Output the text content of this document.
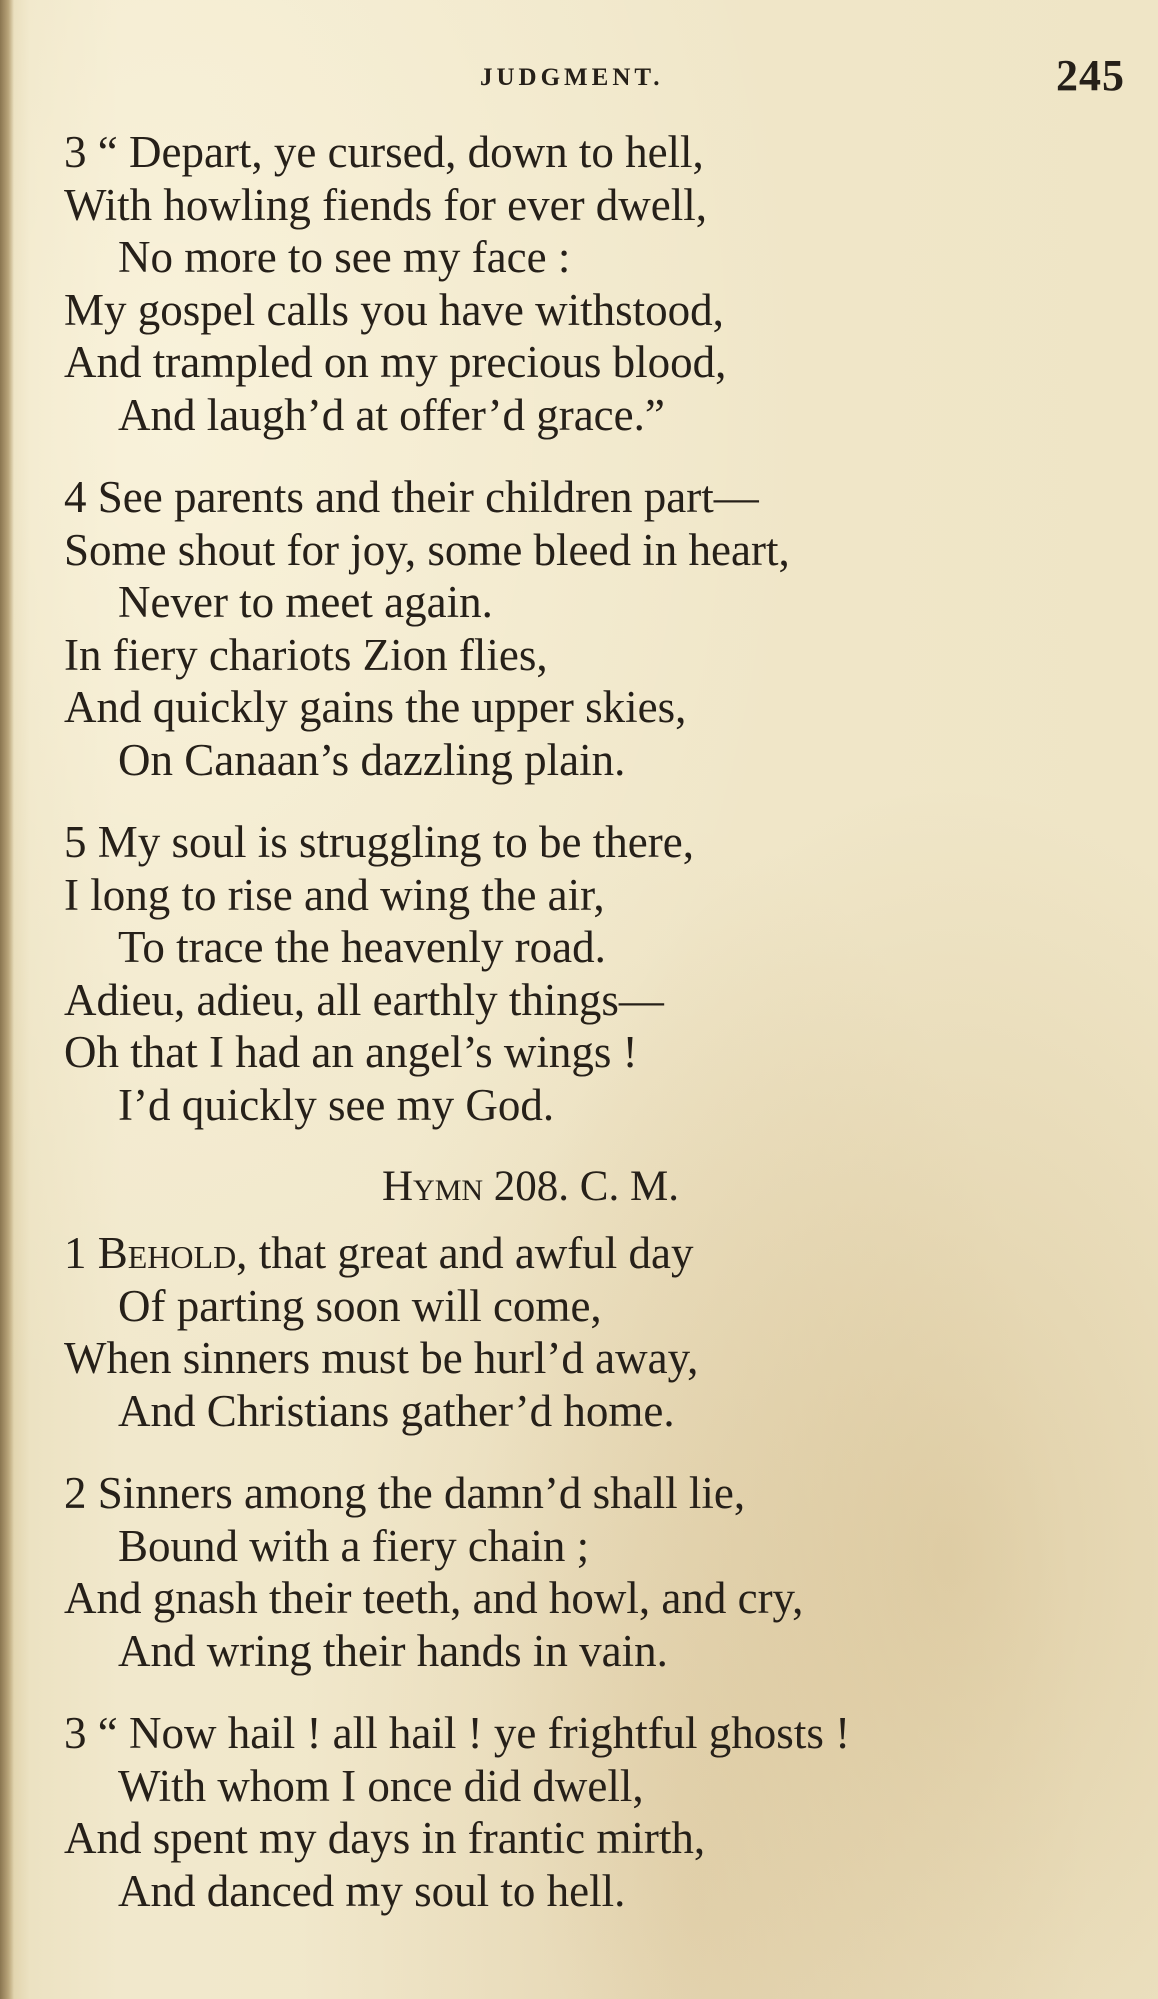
JUDGMENT.	245
3 “ Depart, ye cursed, down to hell,
With howling fiends for ever dwell,
No more to see my face :
My gospel calls you have withstood,
And trampled on my precious blood,
And laugh’d at offer’d grace.”
4 See parents and their children part—
Some shout for joy, some bleed in heart,
Never to meet again.
In fiery chariots Zion flies,
And quickly gains the upper skies,
On Canaan’s dazzling plain.
5 My soul is struggling to be there,
I long to rise and wing the air,
To trace the heavenly road.
Adieu, adieu, all earthly things—
Oh that I had an angel’s wings !
I’d quickly see my God.
Hymn 208. C. M.
1 Behold, that great and awful day
Of parting soon will come,
When sinners must be hurl’d away,
And Christians gather’d home.
2 Sinners among the damn’d shall lie,
Bound with a fiery chain ;
And gnash their teeth, and howl, and cry,
And wring their hands in vain.
3 “ Now hail ! all hail ! ye frightful ghosts !
With whom I once did dwell,
And spent my days in frantic mirth,
And danced my soul to hell.
